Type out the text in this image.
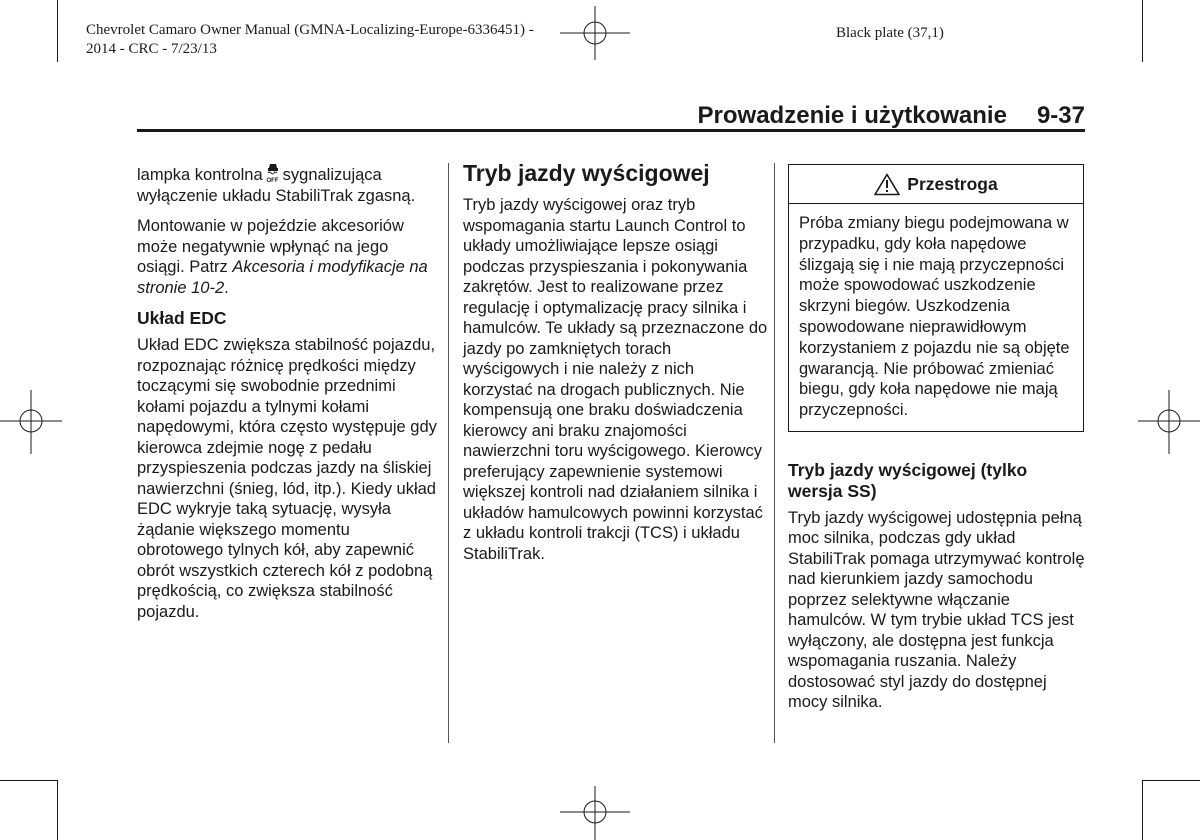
Chevrolet Camaro Owner Manual (GMNA-Localizing-Europe-6336451) -
2014 - CRC - 7/23/13
Black plate (37,1)
Prowadzenie i użytkowanie 9-37

lampka kontrolna OFF sygnalizująca wyłączenie układu StabiliTrak zgasną.

Montowanie w pojeździe akcesoriów może negatywnie wpłynąć na jego osiągi. Patrz Akcesoria i modyfikacje na stronie 10-2.

Układ EDC

Układ EDC zwiększa stabilność pojazdu, rozpoznając różnicę prędkości między toczącymi się swobodnie przednimi kołami pojazdu a tylnymi kołami napędowymi, która często występuje gdy kierowca zdejmie nogę z pedału przyspieszenia podczas jazdy na śliskiej nawierzchni (śnieg, lód, itp.). Kiedy układ EDC wykryje taką sytuację, wysyła żądanie większego momentu obrotowego tylnych kół, aby zapewnić obrót wszystkich czterech kół z podobną prędkością, co zwiększa stabilność pojazdu.

Tryb jazdy wyścigowej

Tryb jazdy wyścigowej oraz tryb wspomagania startu Launch Control to układy umożliwiające lepsze osiągi podczas przyspieszania i pokonywania zakrętów. Jest to realizowane przez regulację i optymalizację pracy silnika i hamulców. Te układy są przeznaczone do jazdy po zamkniętych torach wyścigowych i nie należy z nich korzystać na drogach publicznych. Nie kompensują one braku doświadczenia kierowcy ani braku znajomości nawierzchni toru wyścigowego. Kierowcy preferujący zapewnienie systemowi większej kontroli nad działaniem silnika i układów hamulcowych powinni korzystać z układu kontroli trakcji (TCS) i układu StabiliTrak.

Przestroga
Próba zmiany biegu podejmowana w przypadku, gdy koła napędowe ślizgają się i nie mają przyczepności może spowodować uszkodzenie skrzyni biegów. Uszkodzenia spowodowane nieprawidłowym korzystaniem z pojazdu nie są objęte gwarancją. Nie próbować zmieniać biegu, gdy koła napędowe nie mają przyczepności.
Tryb jazdy wyścigowej (tylko wersja SS)

Tryb jazdy wyścigowej udostępnia pełną moc silnika, podczas gdy układ StabiliTrak pomaga utrzymywać kontrolę nad kierunkiem jazdy samochodu poprzez selektywne włączanie hamulców. W tym trybie układ TCS jest wyłączony, ale dostępna jest funkcja wspomagania ruszania. Należy dostosować styl jazdy do dostępnej mocy silnika.
